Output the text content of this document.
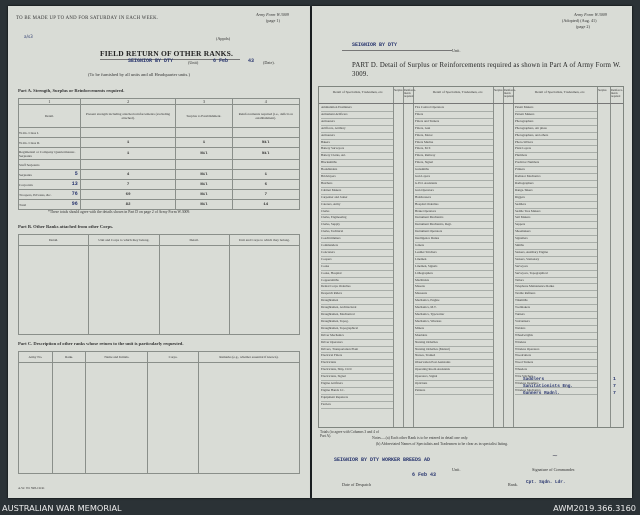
TO BE MADE UP TO AND FOR SATURDAY IN EACH WEEK.
Army Form W.3009
(page 1)
(Appdx)
a/s3
FIELD RETURN OF OTHER RANKS.
SEIGNIOR BY DTY	(Unit)	6 Feb	43 (Date).
(To be furnished by all units and all Headquarter units.)
Part A. Strength, Surplus or Reinforcements required.
1	2	3	4
Detail.	Present strength including attached reinforcements (excluding attached).	Surplus to Establishment.	Reinforcements required (i.e., deficit on establishment).
W.Os. Class I.

W.Os. Class II.	1	1	Nil
Regimental or Company Quartermaster-Serjeants	1	Nil	Nil
Staff Serjeants

Serjeants 5	4	Nil	1
Corporals 13	7	Nil	6
Troopers, Privates, &c. 76	69	Nil	7
Total 96	82	Nil	14
*These totals should agree with the details shown in Part D on page 2 of Army Form W.3009.
Part B. Other Ranks attached from other Corps.
Detail.	Unit and Corps to which they belong.	Detail.	Unit and Corps to which they belong.

Part C. Description of other ranks whose return to the unit is particularly requested.
Army No.	Rank.	Name and Initials.	Corps.	Remarks (e.g., whether essential if known).

A.W. Wt 598-19/41
Army Form W.3009
(Adopted) (Aug. 41)
(page 2)
SEIGNIOR BY DTY
Unit.
PART D. Detail of Surplus or Reinforcements required as shown in Part A of Army Form W. 3009.
Detail of Specialists, Tradesmen, etc.	Detail of Specialists, Tradesmen, etc.	Detail of Specialists, Tradesmen, etc.
Surplus Reinforce- ments required
Surplus Reinforce- ments required
Surplus	Reinforce- ments required
Ammunition Examiners
Armament Artificers
Armourers
Artificers, Artillery
Armourers
Bakers
Battery Surveyors
Battery Clerks, Art.
Blacksmiths
Bookbinders
Bricklayers
Butchers
Cabinet Makers
Carpenter and Joiner
Caterers, Army
Clerks
Clerks, Engineering
Clerks, Supply
Clerks, Technical
Coachtrimmers
Commanders
Concreters
Coopers
Cooks
Cooks, Hospital
Coppersmiths
Dental Corps Orderlies
Despatch Riders
Draughtsmen
Draughtsmen, Architectural
Draughtsmen, Mechanical
Draughtsmen, Topog.
Draughtsmen, Topographical
Driver Mechanics
Driver Operators
Drivers, Transportation Plant
Electrical Fitters
Electricians
Electricians, Ship, Civil
Electricians, Signal
Engine Artificers
Engine Hands I.C.
Equipment Repairers
Farriers
Fire Control Operators
Fitters
Fitters and Turners
Fitters, Gun
Fitters, Motor
Fitters Marine
Fitters, M.T.
Fitters, Railway
Fitters, Signal
Gunsmiths
Gun Layers
G.P.O. Assistants
Gun Operators
Hairdressers
Hospital Orderlies
Brake Operators
Instrument Mechanics
Instrument Mechanics, Regt.
Instrument Operators
Intelligence Duties
Joiners
Leather Stitchers
Linemen
Linemen, Signals
Lithographers
Machinists
Masons
Masseurs
Mechanics, Engine
Mechanics, M.T.
Mechanics, Typewriter
Mechanics, Wireless
Miners
Moulders
Nursing Orderlies
Nursing Orderlies (Mental)
Nurses, Trained
Observation Post Assistants
Operating Room Assistants
Operators, Signal
Opticians
Painters
Patent Makers
Pattern Makers
Photographers
Photographers, Air photo
Photographers, and others
Photo-Writers
Plant Layers
Plumbers
Predictor Numbers
Printers
Radiator Mechanics
Radiographers
Range-Takers
Riggers
Saddlers
Saddle Tree Makers
Sail Makers
Sappers
Shoemakers
Signallers
Smiths
Stokers, Auxiliary Engine
Stokers, Stationary
Surveyors
Surveyors, Topographical
Tailors
Telephone Maintenance Ranks
Textile Refiners
Tinsmiths
Toolmakers
Turners
Vulcanisers
Welders
Wheelwrights
Wireless
Wireless Operators
Woodcutters
Wood Turners
Wheelers
Wire Stitchers
Wireless Installers
Wireless Mechanics
Saddlers	1
Sanitationists Eng.	7
Gunners Radnl.	7
Totals (to agree with Columns 3 and 4 of Part A).	Notes.—(a) Each other Rank is to be entered in detail one only.
(b) Abbreviated Names of Specialists and Tradesmen to be clear as in specialist listing.
SEIGNIOR BY DTY WORKER BREEDS AD
Unit.	Signature of Commander.
~
6 Feb 43
Date of Despatch	Cpt. Sqdn. Ldr.
Rank.
AUSTRALIAN WAR MEMORIAL	AWM2019.366.3160
